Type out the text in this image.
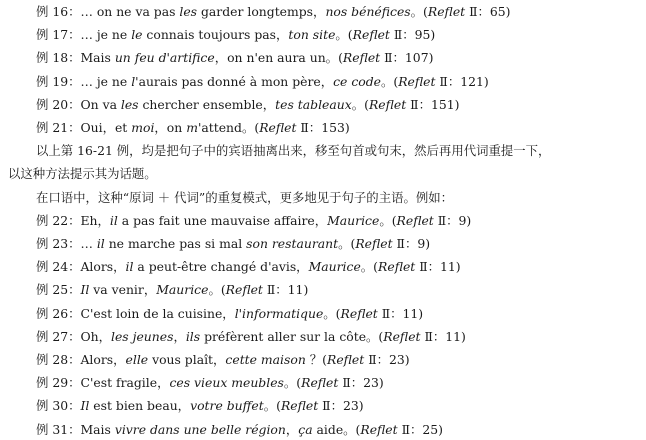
例 16：… on ne va pas les garder longtemps，nos bénéfices。(Reflet Ⅱ：65)
例 17：… je ne le connais toujours pas，ton site。(Reflet Ⅱ：95)
例 18：Mais un feu d'artifice，on n'en aura un。(Reflet Ⅱ：107)
例 19：… je ne l'aurais pas donné à mon père，ce code。(Reflet Ⅱ：121)
例 20：On va les chercher ensemble，tes tableaux。(Reflet Ⅱ：151)
例 21：Oui，et moi，on m'attend。(Reflet Ⅱ：153)
以上第 16-21 例，均是把句子中的宾语抽离出来，移至句首或句末，然后再用代词重提一下，
以这种方法提示其为话题。
在口语中，这种“原词 ＋ 代词”的重复模式，更多地见于句子的主语。例如：
例 22：Eh，il a pas fait une mauvaise affaire，Maurice。(Reflet Ⅱ：9)
例 23：… il ne marche pas si mal son restaurant。(Reflet Ⅱ：9)
例 24：Alors，il a peut-être changé d'avis，Maurice。(Reflet Ⅱ：11)
例 25：Il va venir，Maurice。(Reflet Ⅱ：11)
例 26：C'est loin de la cuisine，l'informatique。(Reflet Ⅱ：11)
例 27：Oh，les jeunes，ils préfèrent aller sur la côte。(Reflet Ⅱ：11)
例 28：Alors，elle vous plaît，cette maison ？(Reflet Ⅱ：23)
例 29：C'est fragile，ces vieux meubles。(Reflet Ⅱ：23)
例 30：Il est bien beau，votre buffet。(Reflet Ⅱ：23)
例 31：Mais vivre dans une belle région，ça aide。(Reflet Ⅱ：25)
